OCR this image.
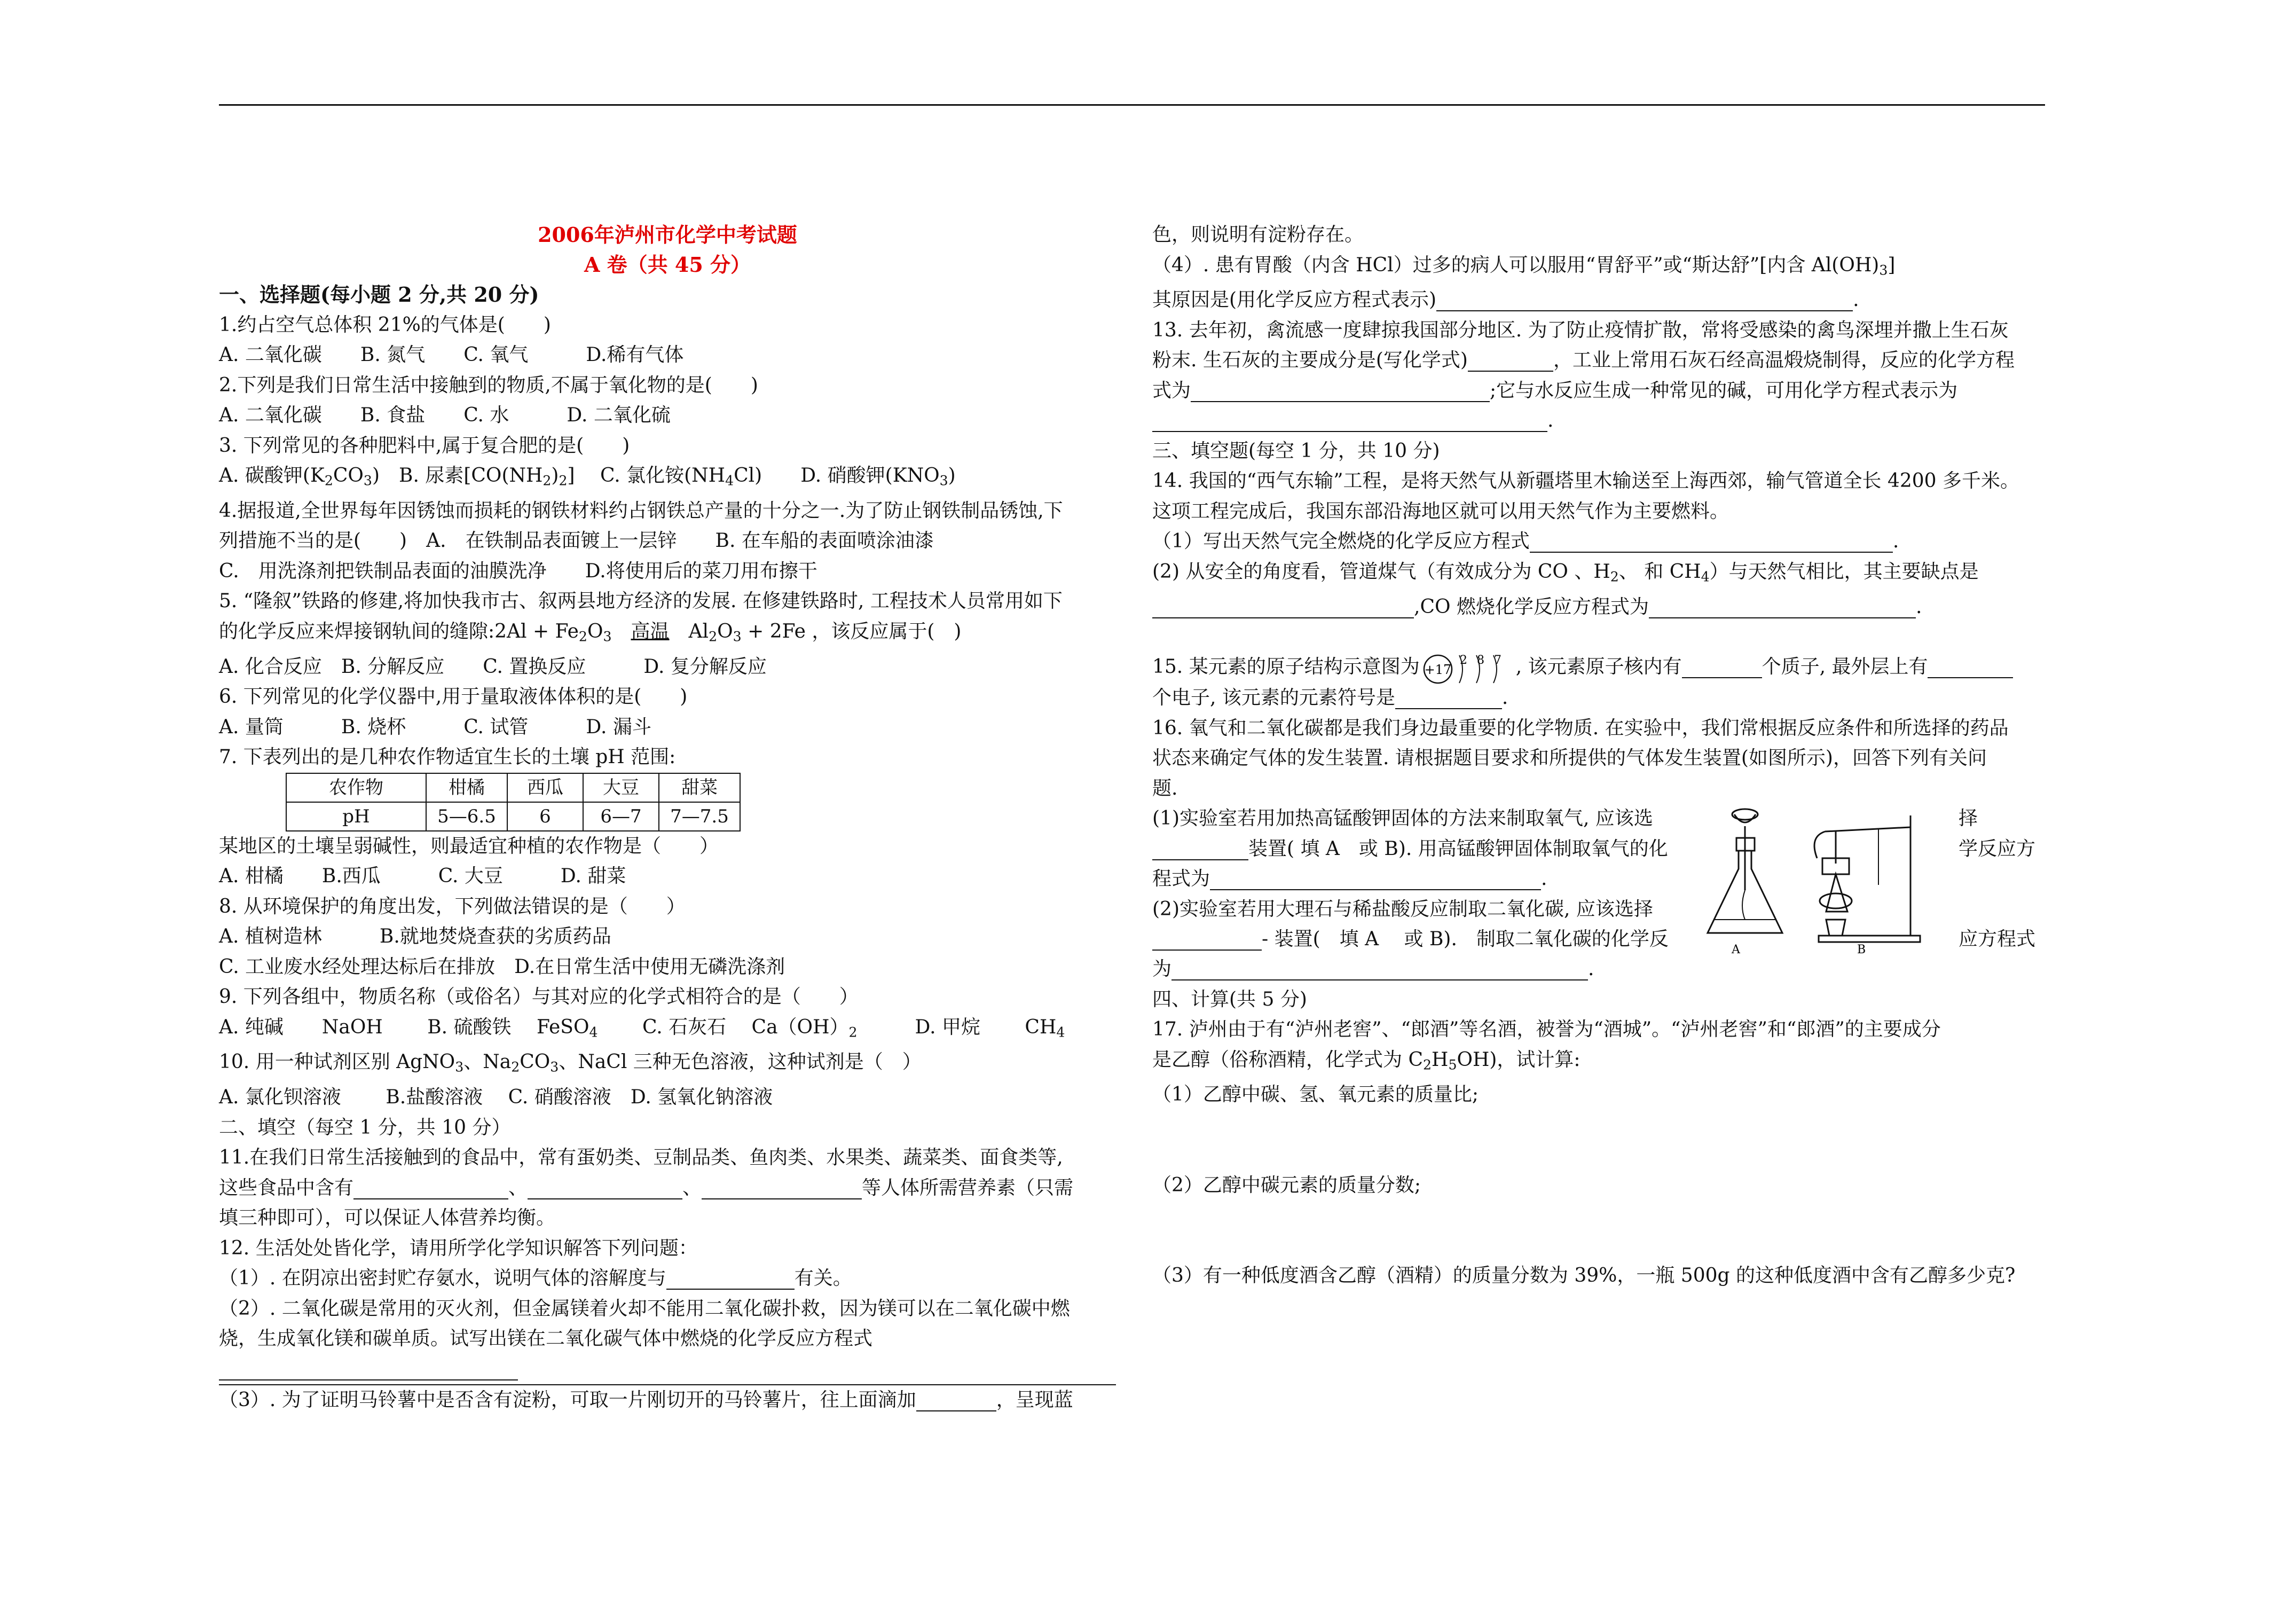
2006年泸州市化学中考试题
A 卷（共 45 分）
一、选择题(每小题 2 分,共 20 分)
1.约占空气总体积 21%的气体是(　　)
A. 二氧化碳　　B. 氮气　　C. 氧气　　　D.稀有气体
2.下列是我们日常生活中接触到的物质,不属于氧化物的是(　　)
A. 二氧化碳　　B. 食盐　　C. 水　　　D. 二氧化硫
3. 下列常见的各种肥料中,属于复合肥的是(　　)
A. 碳酸钾$(K_2CO_3)$　B. 尿素$[CO(NH_2)_2]$　 C. 氯化铵$(NH_4Cl)$　　D. 硝酸钾$(KNO_3)$
4.据报道,全世界每年因锈蚀而损耗的钢铁材料约占钢铁总产量的十分之一.为了防止钢铁制品锈蚀,下
列措施不当的是(　　)　A.　在铁制品表面镀上一层锌　　B. 在车船的表面喷涂油漆
C.　用洗涤剂把铁制品表面的油膜洗净　　D.将使用后的菜刀用布擦干
5. “隆叙”铁路的修建,将加快我市古、叙两县地方经济的发展. 在修建铁路时, 工程技术人员常用如下
的化学反应来焊接钢轨间的缝隙:2Al + $Fe_2O_3$　 高温　 $Al_2O_3 + 2Fe$ ，该反应属于(　)
A. 化合反应　B. 分解反应　　C. 置换反应　　　D. 复分解反应
6. 下列常见的化学仪器中,用于量取液体体积的是(　　)
A. 量筒　　　B. 烧杯　　　C. 试管　　　D. 漏斗
7. 下表列出的是几种农作物适宜生长的土壤 pH 范围:
农作物	柑橘	西瓜	大豆	甜菜
pH	5—6.5	6	6—7	7—7.5
某地区的土壤呈弱碱性，则最适宜种植的农作物是（　　）
A. 柑橘　　B.西瓜　　　C. 大豆　　　D. 甜菜
8. 从环境保护的角度出发，下列做法错误的是（　　）
A. 植树造林　　　B.就地焚烧查获的劣质药品
C. 工业废水经处理达标后在排放　D.在日常生活中使用无磷洗涤剂
9. 下列各组中，物质名称（或俗名）与其对应的化学式相符合的是（　　）
A. 纯碱　　NaOH　　 B. 硫酸铁　 FeSO$_4$　　 C. 石灰石　 $Ca(OH)_2$　　　D. 甲烷　　 $CH_4$
10. 用一种试剂区别 AgNO$_3$、$Na_2CO_3$、NaCl 三种无色溶液，这种试剂是（　）
A. 氯化钡溶液　　 B.盐酸溶液　 C. 硝酸溶液　D. 氢氧化钠溶液
二、填空（每空 1 分，共 10 分）
11.在我们日常生活接触到的食品中，常有蛋奶类、豆制品类、鱼肉类、水果类、蔬菜类、面食类等,
这些食品中含有	、	、	等人体所需营养素（只需
填三种即可），可以保证人体营养均衡。
12. 生活处处皆化学，请用所学化学知识解答下列问题：
（1）. 在阴凉出密封贮存氨水，说明气体的溶解度与	有关。
（2）. 二氧化碳是常用的灭火剂，但金属镁着火却不能用二氧化碳扑救，因为镁可以在二氧化碳中燃
烧，生成氧化镁和碳单质。试写出镁在二氧化碳气体中燃烧的化学反应方程式
（3）. 为了证明马铃薯中是否含有淀粉，可取一片刚切开的马铃薯片，往上面滴加	，呈现蓝
色，则说明有淀粉存在。
（4）. 患有胃酸（内含 HCl）过多的病人可以服用“胃舒平”或“斯达舒”[内含 $Al(OH)_3$]
其原因是(用化学反应方程式表示)	.
13. 去年初，禽流感一度肆掠我国部分地区. 为了防止疫情扩散，常将受感染的禽鸟深埋并撒上生石灰
粉末. 生石灰的主要成分是(写化学式)	，工业上常用石灰石经高温煅烧制得，反应的化学方程
式为	;它与水反应生成一种常见的碱，可用化学方程式表示为
.
三、填空题(每空 1 分，共 10 分)
14. 我国的“西气东输”工程，是将天然气从新疆塔里木输送至上海西郊，输气管道全长 4200 多千米。
这项工程完成后，我国东部沿海地区就可以用天然气作为主要燃料。
（1）写出天然气完全燃烧的化学反应方程式	.
(2) 从安全的角度看，管道煤气（有效成分为 CO 、$H_2$、 和 $CH_4$）与天然气相比，其主要缺点是
,CO 燃烧化学反应方程式为	.
15. 某元素的原子结构示意图为 +17
2 8 7 , 该元素原子核内有	个质子, 最外层上有
个电子, 该元素的元素符号是	.
16. 氧气和二氧化碳都是我们身边最重要的化学物质. 在实验中，我们常根据反应条件和所选择的药品
状态来确定气体的发生装置. 请根据题目要求和所提供的气体发生装置(如图所示)，回答下列有关问
题.
(1)实验室若用加热高锰酸钾固体的方法来制取氧气, 应该选
装置( 填 A　或 B). 用高锰酸钾固体制取氧气的化
程式为	.
(2)实验室若用大理石与稀盐酸反应制取二氧化碳, 应该选择
- 装置(　填 A　 或 B).　制取二氧化碳的化学反	A	B
择
学反应方
应方程式
为	.
四、计算(共 5 分)
17. 泸州由于有“泸州老窖”、“郎酒”等名酒，被誉为“酒城”。“泸州老窖”和“郎酒”的主要成分
是乙醇（俗称酒精，化学式为 $C_2H_5OH$)，试计算:
（1）乙醇中碳、氢、氧元素的质量比;
（2）乙醇中碳元素的质量分数;
（3）有一种低度酒含乙醇（酒精）的质量分数为 39%，一瓶 500g 的这种低度酒中含有乙醇多少克?
